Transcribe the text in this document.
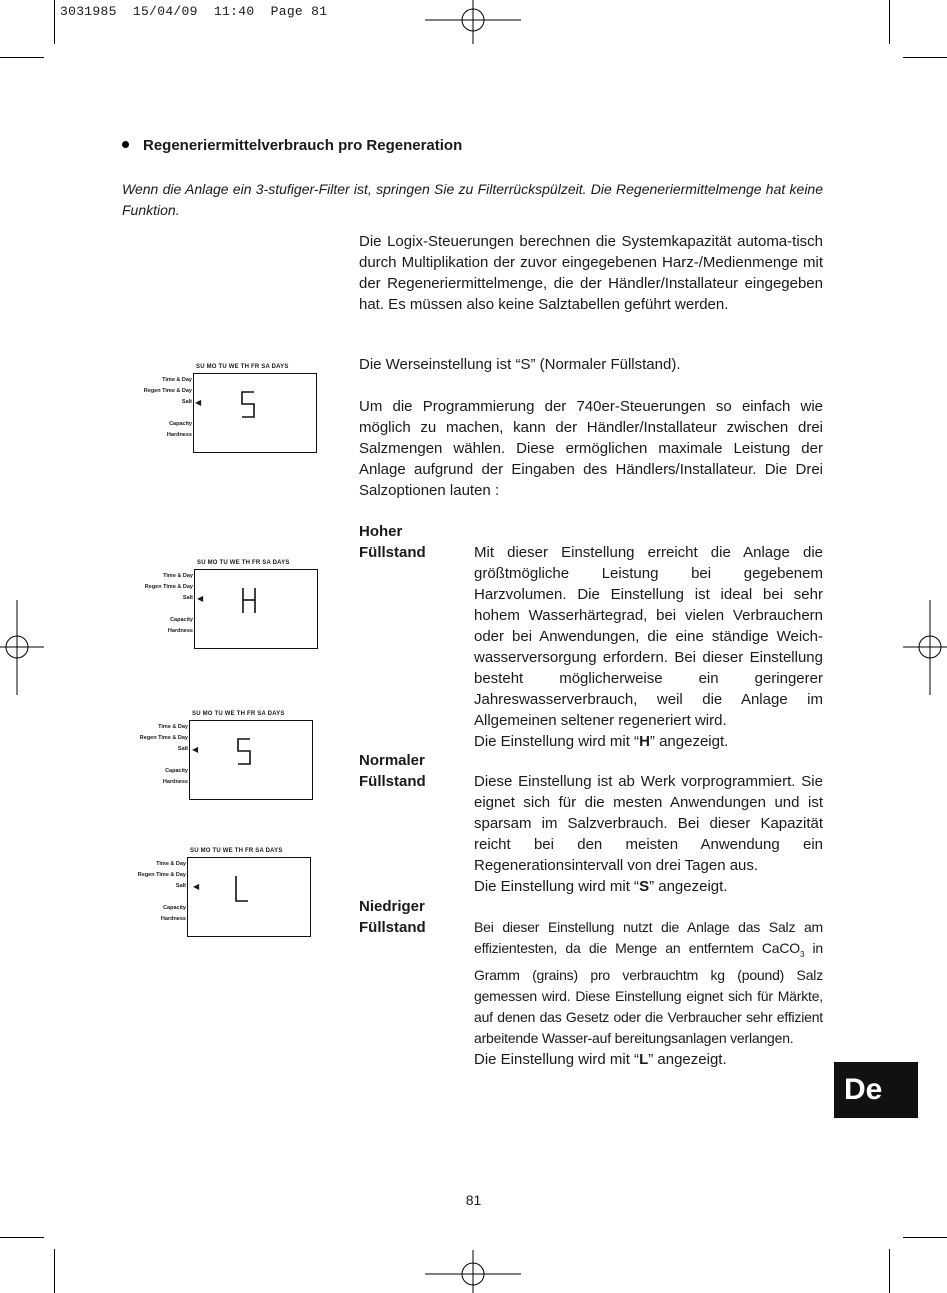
3031985  15/04/09  11:40  Page 81
Regeneriermittelverbrauch pro Regeneration
Wenn die Anlage ein 3-stufiger-Filter ist, springen Sie zu Filterrückspülzeit. Die Regeneriermittelmenge hat keine Funktion.
Die Logix-Steuerungen berechnen die Systemkapazität automa-tisch durch Multiplikation der zuvor eingegebenen Harz-/Medienmenge mit der Regeneriermittelmenge, die der Händler/Installateur eingegeben hat. Es müssen also keine Salztabellen geführt werden.
Die Werseinstellung ist “S” (Normaler Füllstand).
Um die Programmierung der 740er-Steuerungen so einfach wie möglich zu machen, kann der Händler/Installateur zwischen drei Salzmengen wählen. Diese ermöglichen maximale Leistung der Anlage aufgrund der Eingaben des Händlers/Installateur. Die Drei Salzoptionen lauten :
Hoher
Füllstand	Mit dieser Einstellung erreicht die Anlage die größtmögliche Leistung bei gegebenem Harzvolumen. Die Einstellung ist ideal bei sehr hohem Wasserhärtegrad, bei vielen Verbrauchern oder bei Anwendungen, die eine ständige Weich-wasserversorgung erfordern. Bei dieser Einstellung besteht möglicherweise ein geringerer Jahreswasserverbrauch, weil die Anlage im Allgemeinen seltener regeneriert wird.
Die Einstellung wird mit “H” angezeigt.
Normaler
Füllstand	Diese Einstellung ist ab Werk vorprogrammiert. Sie eignet sich für die mesten Anwendungen und ist sparsam im Salzverbrauch. Bei dieser Kapazität reicht bei den meisten Anwendung ein Regenerationsintervall von drei Tagen aus.
Die Einstellung wird mit “S” angezeigt.
Niedriger
Füllstand	Bei dieser Einstellung nutzt die Anlage das Salz am effizientesten, da die Menge an entferntem CaCO$_3$ in Gramm (grains) pro verbrauchtm kg (pound) Salz gemessen wird. Diese Einstellung eignet sich für Märkte, auf denen das Gesetz oder die Verbraucher sehr effizient arbeitende Wasser-auf bereitungsanlagen verlangen.
Die Einstellung wird mit “L” angezeigt.
SU MO TU WE TH FR SA DAYS
Time & Day
Regen Time & Day
Salt
Capacity
Hardness
◀
SU MO TU WE TH FR SA DAYS
Time & Day
Regen Time & Day
Salt
Capacity
Hardness
◀
SU MO TU WE TH FR SA DAYS
Time & Day
Regen Time & Day
Salt
Capacity
Hardness
◀
SU MO TU WE TH FR SA DAYS
Time & Day
Regen Time & Day
Salt
Capacity
Hardness
◀
81
De
